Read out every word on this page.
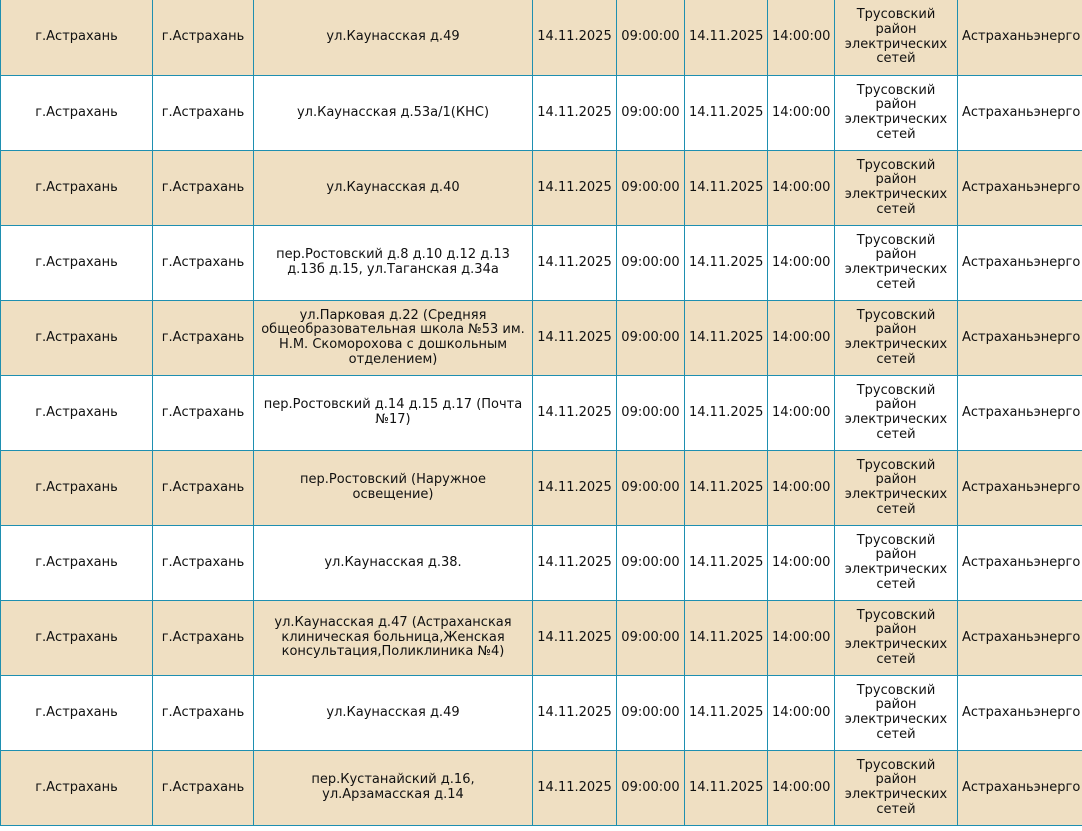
г.Астрахань	г.Астрахань	ул.Каунасская д.49	14.11.2025	09:00:00	14.11.2025	14:00:00	Трусовский район электрических сетей	Астраханьэнерго
г.Астрахань	г.Астрахань	ул.Каунасская д.53а/1(КНС)	14.11.2025	09:00:00	14.11.2025	14:00:00	Трусовский район электрических сетей	Астраханьэнерго
г.Астрахань	г.Астрахань	ул.Каунасская д.40	14.11.2025	09:00:00	14.11.2025	14:00:00	Трусовский район электрических сетей	Астраханьэнерго
г.Астрахань	г.Астрахань	пер.Ростовский д.8 д.10 д.12 д.13 д.13б д.15, ул.Таганская д.34а	14.11.2025	09:00:00	14.11.2025	14:00:00	Трусовский район электрических сетей	Астраханьэнерго
г.Астрахань	г.Астрахань	ул.Парковая д.22 (Средняя общеобразовательная школа №53 им. Н.М. Скоморохова с дошкольным отделением)	14.11.2025	09:00:00	14.11.2025	14:00:00	Трусовский район электрических сетей	Астраханьэнерго
г.Астрахань	г.Астрахань	пер.Ростовский д.14 д.15 д.17 (Почта №17)	14.11.2025	09:00:00	14.11.2025	14:00:00	Трусовский район электрических сетей	Астраханьэнерго
г.Астрахань	г.Астрахань	пер.Ростовский (Наружное освещение)	14.11.2025	09:00:00	14.11.2025	14:00:00	Трусовский район электрических сетей	Астраханьэнерго
г.Астрахань	г.Астрахань	ул.Каунасская д.38.	14.11.2025	09:00:00	14.11.2025	14:00:00	Трусовский район электрических сетей	Астраханьэнерго
г.Астрахань	г.Астрахань	ул.Каунасская д.47 (Астраханская клиническая больница,Женская консультация,Поликлиника №4)	14.11.2025	09:00:00	14.11.2025	14:00:00	Трусовский район электрических сетей	Астраханьэнерго
г.Астрахань	г.Астрахань	ул.Каунасская д.49	14.11.2025	09:00:00	14.11.2025	14:00:00	Трусовский район электрических сетей	Астраханьэнерго
г.Астрахань	г.Астрахань	пер.Кустанайский д.16, ул.Арзамасская д.14	14.11.2025	09:00:00	14.11.2025	14:00:00	Трусовский район электрических сетей	Астраханьэнерго
